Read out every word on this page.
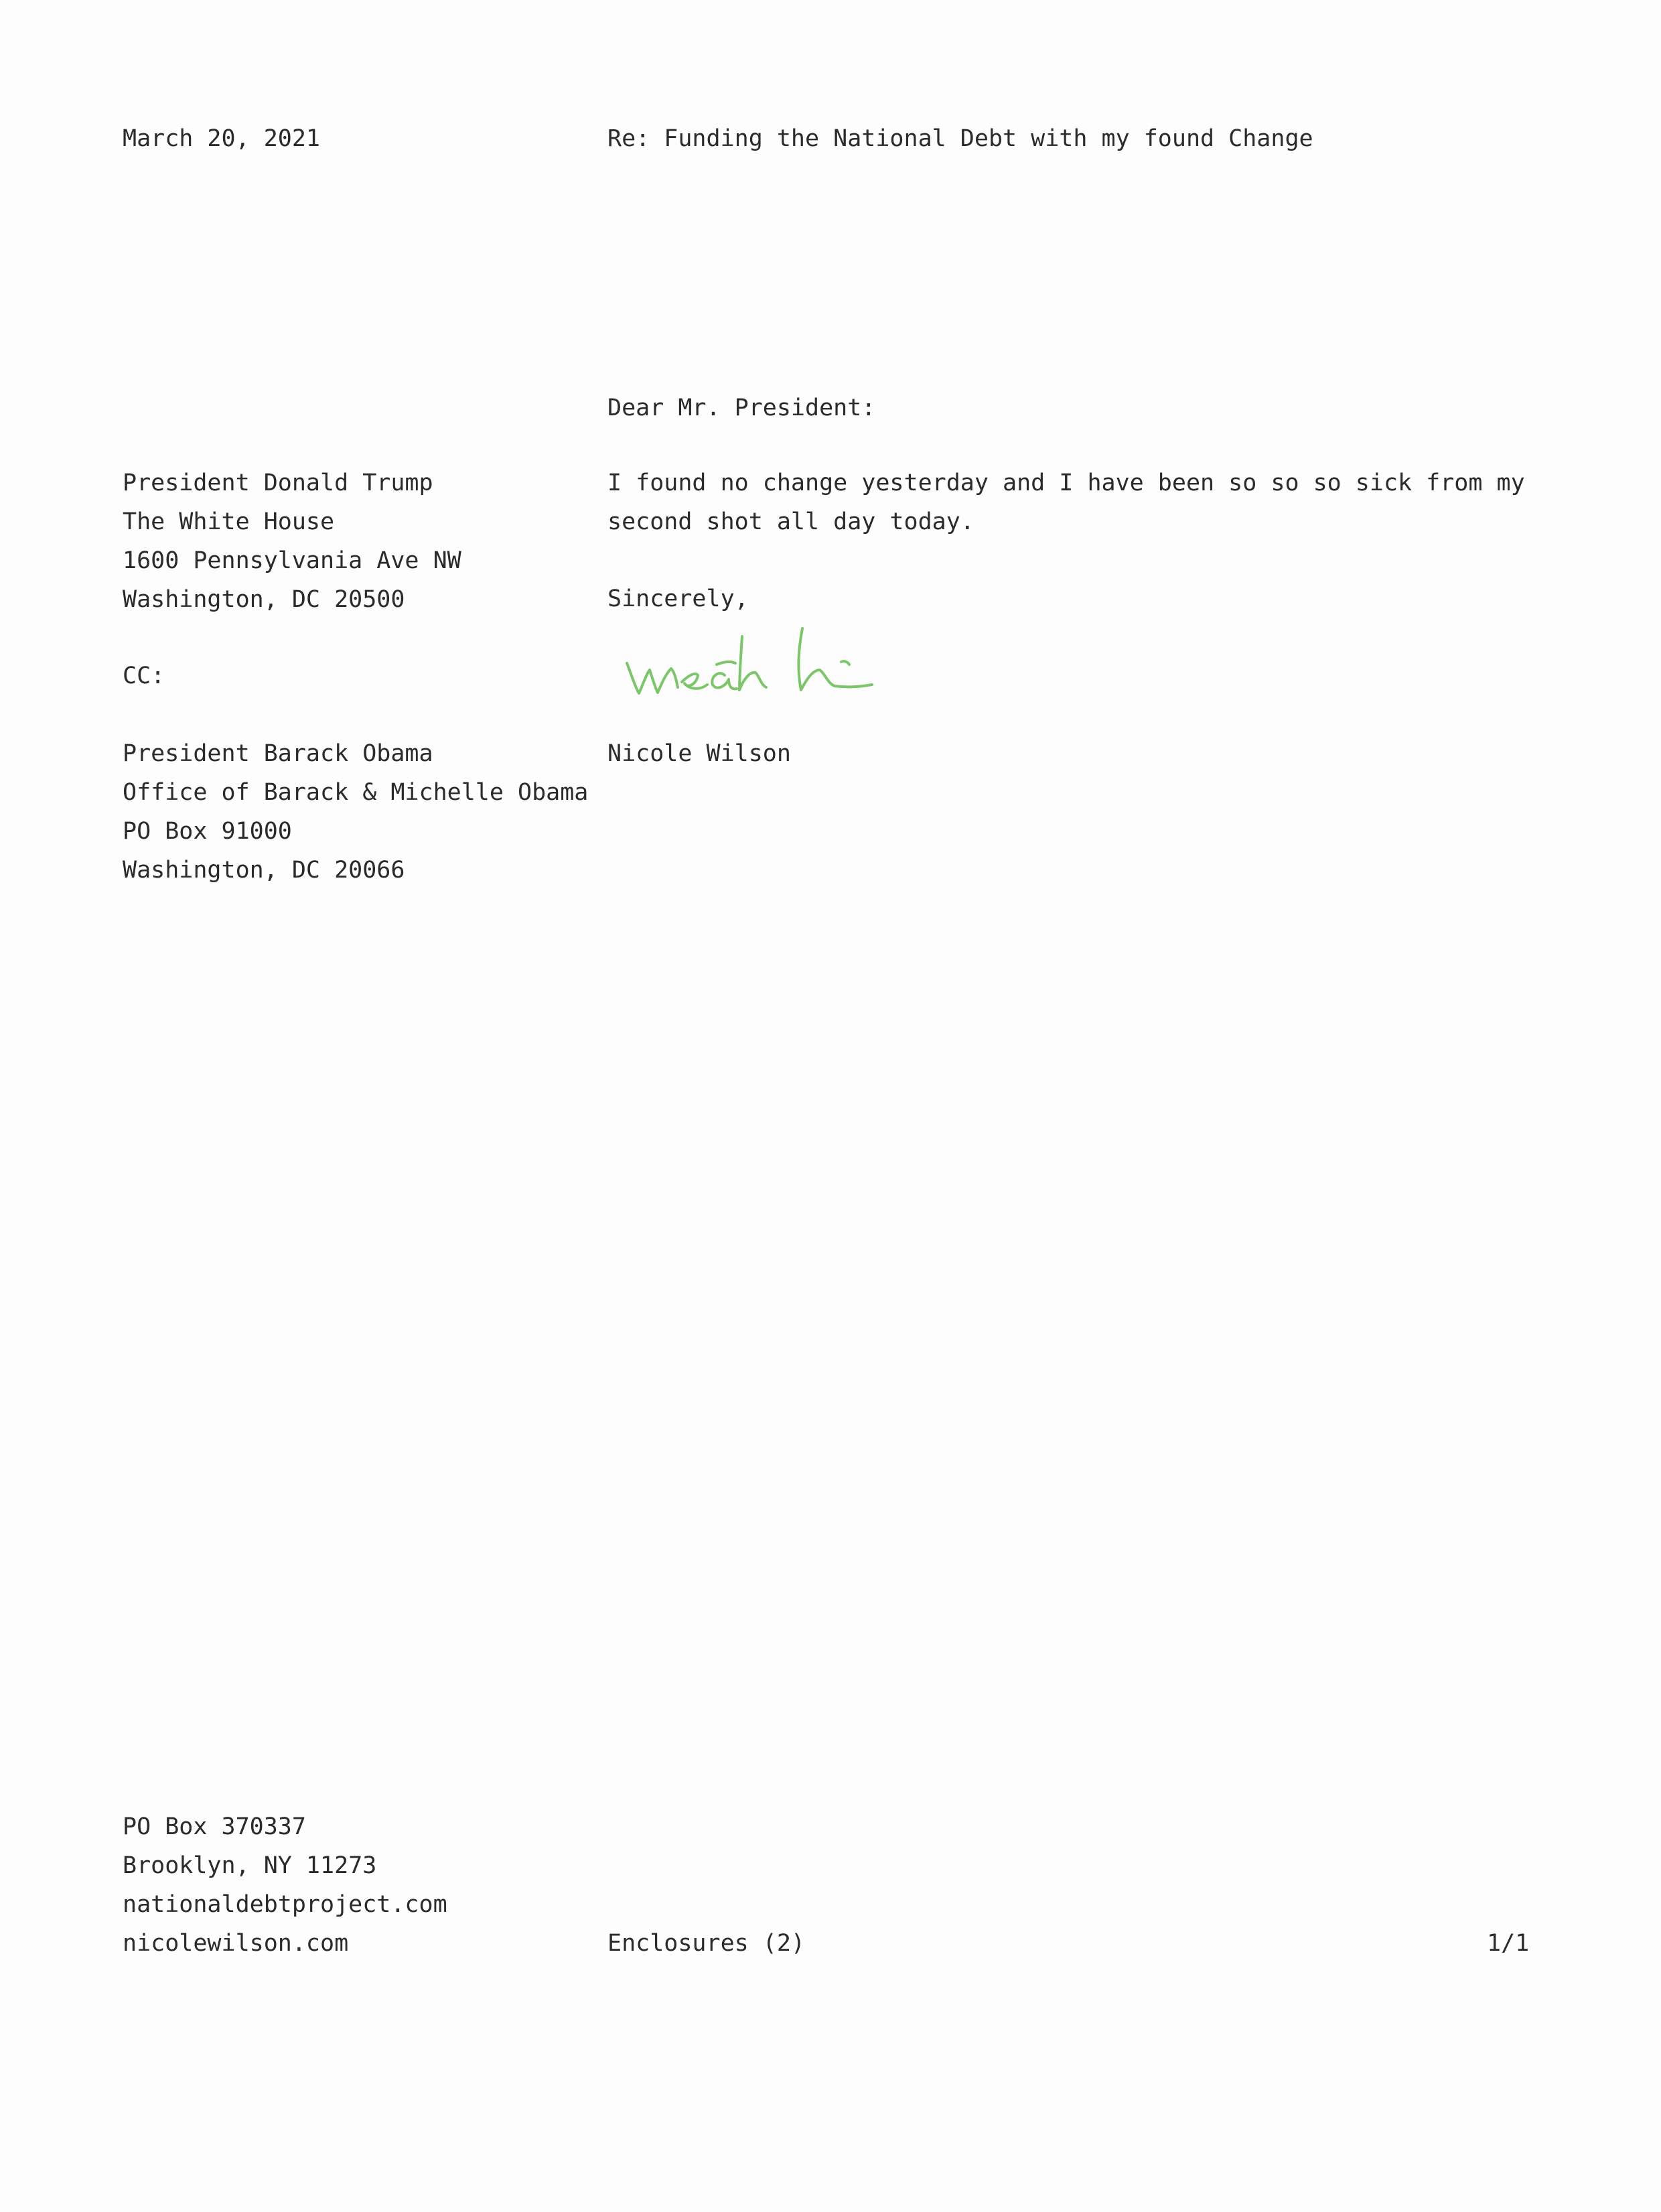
March 20, 2021	Re: Funding the National Debt with my found Change

Dear Mr. President:

President Donald Trump
The White House
1600 Pennsylvania Ave NW
Washington, DC 20500
I found no change yesterday and I have been so so so sick from my
second shot all day today.

Sincerely,

CC:

Nicole Wilson

President Barack Obama
Office of Barack & Michelle Obama
PO Box 91000
Washington, DC 20066
PO Box 370337
Brooklyn, NY 11273
nationaldebtproject.com
nicolewilson.com	Enclosures (2)	1/1
